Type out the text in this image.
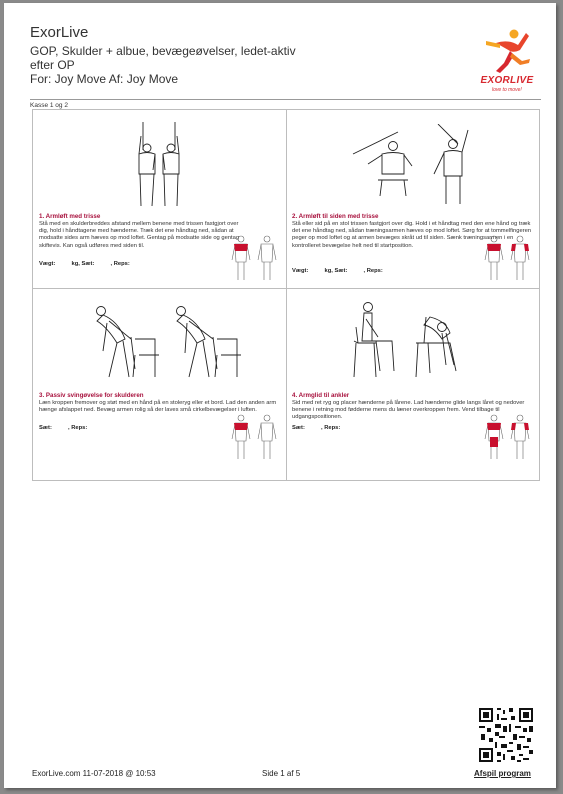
ExorLive
GOP, Skulder + albue, bevægeøvelser, ledet-aktiv
efter OP
For: Joy Move Af: Joy Move	EXORLIVE
love to move!
Kasse 1 og 2
1. Armløft med trisse
Stå med en skulderbreddes afstand mellem benene med trissen fastgjort over dig, hold i håndtagene med hænderne. Træk det ene håndtag ned, sådan at modsatte sides arm hæves op mod loftet. Gentag på modsatte side og gentag skiftevis. Kan også udføres med siden til.
Vægt:          kg, Sæt:          , Reps:
2. Armløft til siden med trisse
Stå eller sid på en stol trissen fastgjort over dig. Hold i et håndtag med den ene hånd og træk det ene håndtag ned, sådan træningsarmen hæves op mod loftet. Sørg for at tommelfingeren peger op mod loftet og at armen bevæges skråt ud til siden. Sænk træningsarmen i en kontrolleret bevægelse helt ned til startposition.
Vægt:          kg, Sæt:          , Reps:
3. Passiv svingøvelse for skulderen
Læn kroppen fremover og støt med en hånd på en stoleryg eller et bord. Lad den anden arm hænge afslappet ned. Bevæg armen rolig så der laves små cirkelbevægelser i luften.
Sæt:          , Reps:
4. Armglid til ankler
Sid med ret ryg og placer hænderne på lårene. Lad hænderne glide langs låret og nedover benene i retning mod fødderne mens du læner overkroppen frem. Vend tilbage til udgangspositionen.
Sæt:          , Reps:
ExorLive.com 11-07-2018 @ 10:53	Side 1 af 5	Afspil program
